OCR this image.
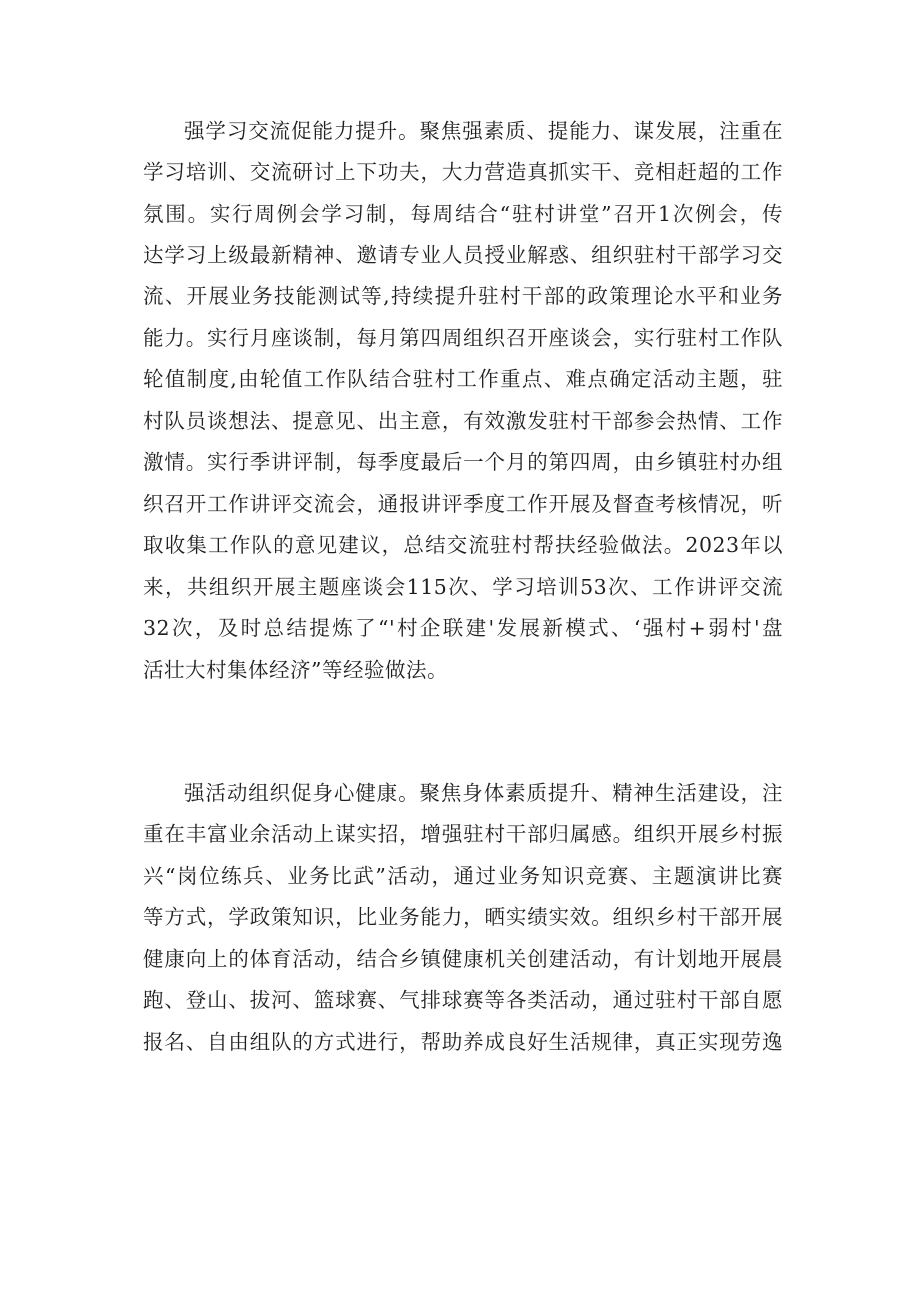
强学习交流促能力提升。聚焦强素质、提能力、谋发展，注重在

学习培训、交流研讨上下功夫，大力营造真抓实干、竞相赶超的工作

氛围。实行周例会学习制，每周结合“驻村讲堂”召开1次例会，传

达学习上级最新精神、邀请专业人员授业解惑、组织驻村干部学习交

流、开展业务技能测试等,持续提升驻村干部的政策理论水平和业务

能力。实行月座谈制，每月第四周组织召开座谈会，实行驻村工作队

轮值制度,由轮值工作队结合驻村工作重点、难点确定活动主题，驻

村队员谈想法、提意见、出主意，有效激发驻村干部参会热情、工作

激情。实行季讲评制，每季度最后一个月的第四周，由乡镇驻村办组

织召开工作讲评交流会，通报讲评季度工作开展及督查考核情况，听

取收集工作队的意见建议，总结交流驻村帮扶经验做法。2023年以

来，共组织开展主题座谈会115次、学习培训53次、工作讲评交流

32次，及时总结提炼了“'村企联建'发展新模式、‘强村+弱村'盘

活壮大村集体经济”等经验做法。

强活动组织促身心健康。聚焦身体素质提升、精神生活建设，注

重在丰富业余活动上谋实招，增强驻村干部归属感。组织开展乡村振

兴“岗位练兵、业务比武”活动，通过业务知识竞赛、主题演讲比赛

等方式，学政策知识，比业务能力，晒实绩实效。组织乡村干部开展

健康向上的体育活动，结合乡镇健康机关创建活动，有计划地开展晨

跑、登山、拔河、篮球赛、气排球赛等各类活动，通过驻村干部自愿

报名、自由组队的方式进行，帮助养成良好生活规律，真正实现劳逸
